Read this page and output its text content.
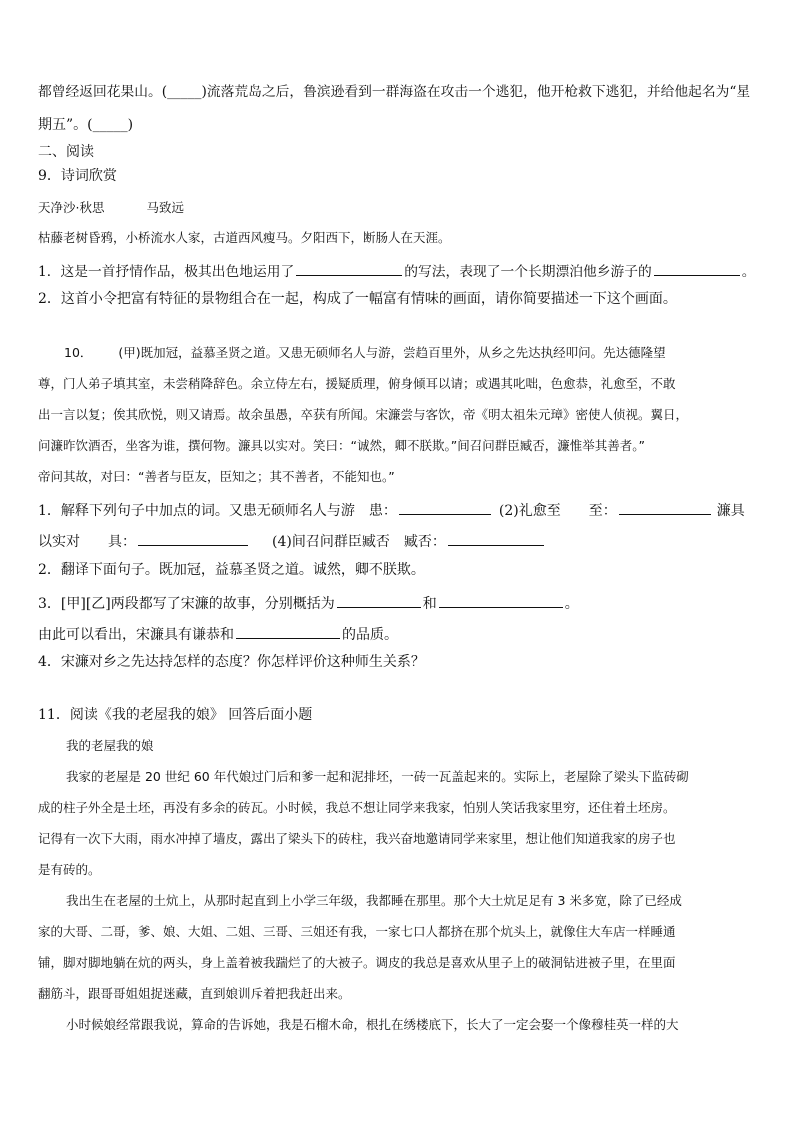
都曾经返回花果山。(_____)流落荒岛之后，鲁滨逊看到一群海盗在攻击一个逃犯，他开枪救下逃犯，并给他起名为“星
期五”。(_____)
二、阅读
9．诗词欣赏
天净沙·秋思	马致远
枯藤老树昏鸦，小桥流水人家，古道西风瘦马。夕阳西下，断肠人在天涯。
1．这是一首抒情作品，极其出色地运用了	的写法，表现了一个长期漂泊他乡游子的	。
2．这首小令把富有特征的景物组合在一起，构成了一幅富有情味的画面，请你简要描述一下这个画面。
10． (甲)既加冠，益慕圣贤之道。又患无硕师名人与游，尝趋百里外，从乡之先达执经叩问。先达德隆望
尊，门人弟子填其室，未尝稍降辞色。余立侍左右，援疑质理，俯身倾耳以请；或遇其叱咄，色愈恭，礼愈至，不敢
出一言以复；俟其欣悦，则又请焉。故余虽愚，卒获有所闻。宋濂尝与客饮，帝《明太祖朱元璋》密使人侦视。翼日，
问濂昨饮酒否，坐客为谁，撰何物。濂具以实对。笑曰：“诚然，卿不朕欺。”间召问群臣臧否，濂惟举其善者。”
帝问其故，对曰：“善者与臣友，臣知之；其不善者，不能知也。”
1．解释下列句子中加点的词。又患无硕师名人与游　患：	(2)礼愈至　　至：	濂具
以实对　　具：	(4)间召问群臣臧否　臧否：
2．翻译下面句子。既加冠，益慕圣贤之道。诚然，卿不朕欺。
3．[甲][乙]两段都写了宋濂的故事，分别概括为	和	。
由此可以看出，宋濂具有谦恭和	的品质。
4．宋濂对乡之先达持怎样的态度？你怎样评价这种师生关系？
11．阅读《我的老屋我的娘》 回答后面小题
我的老屋我的娘
我家的老屋是 20 世纪 60 年代娘过门后和爹一起和泥排坯，一砖一瓦盖起来的。实际上，老屋除了梁头下监砖砌
成的柱子外全是土坯，再没有多余的砖瓦。小时候，我总不想让同学来我家，怕别人笑话我家里穷，还住着土坯房。
记得有一次下大雨，雨水冲掉了墙皮，露出了梁头下的砖柱，我兴奋地邀请同学来家里，想让他们知道我家的房子也
是有砖的。
我出生在老屋的土炕上，从那时起直到上小学三年级，我都睡在那里。那个大土炕足足有 3 米多宽，除了已经成
家的大哥、二哥，爹、娘、大姐、二姐、三哥、三姐还有我，一家七口人都挤在那个炕头上，就像住大车店一样睡通
铺，脚对脚地躺在炕的两头，身上盖着被我踹烂了的大被子。调皮的我总是喜欢从里子上的破洞钻进被子里，在里面
翻筋斗，跟哥哥姐姐捉迷藏，直到娘训斥着把我赶出来。
小时候娘经常跟我说，算命的告诉她，我是石榴木命，根扎在绣楼底下，长大了一定会娶一个像穆桂英一样的大
